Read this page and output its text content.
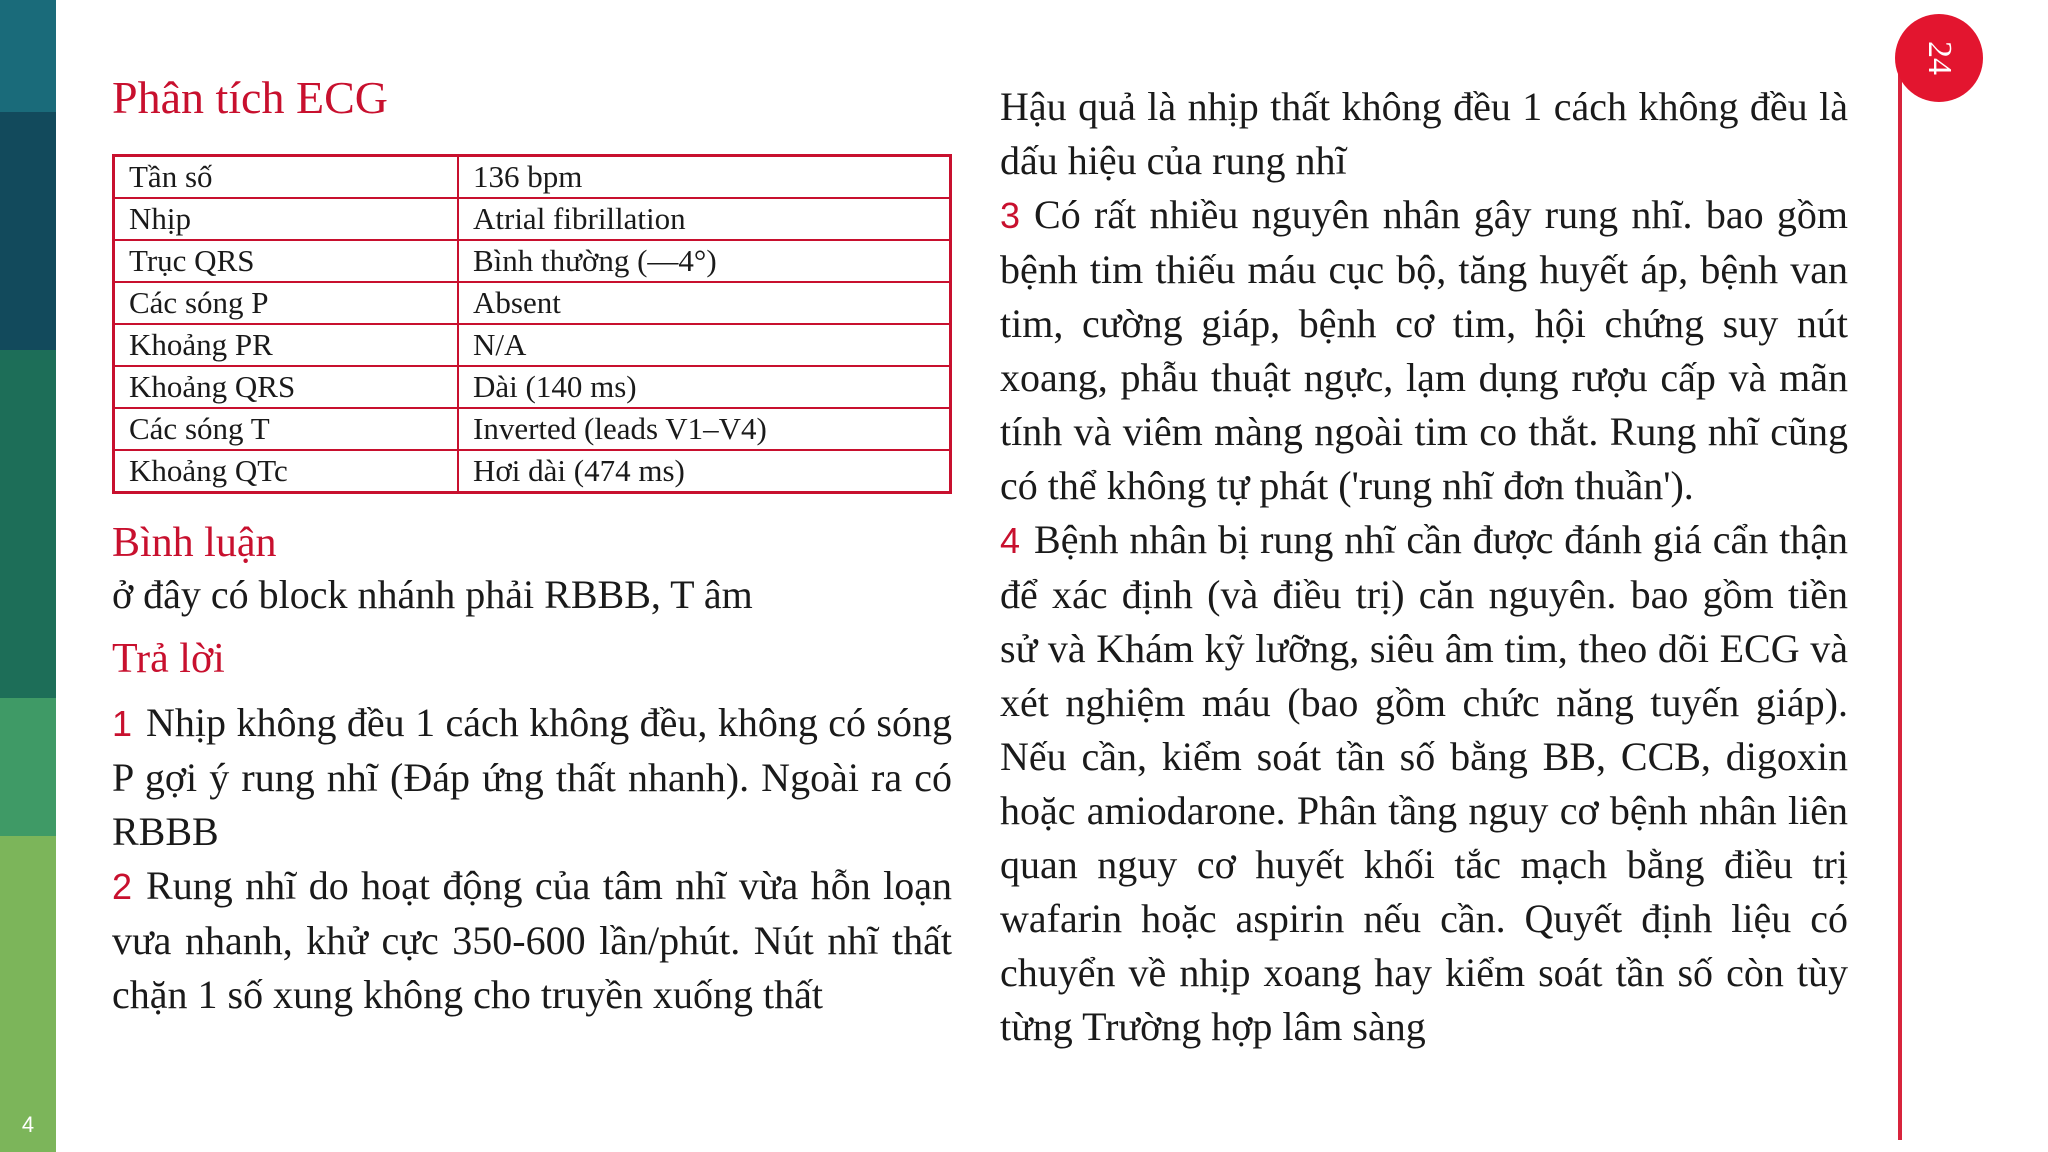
4
24
Phân tích ECG
Tần số	136 bpm
Nhịp	Atrial fibrillation
Trục QRS	Bình thường (—4°)
Các sóng P	Absent
Khoảng PR	N/A
Khoảng QRS	Dài (140 ms)
Các sóng T	Inverted (leads V1–V4)
Khoảng QTc	Hơi dài (474 ms)
Bình luận

ở đây có block nhánh phải RBBB, T âm

Trả lời

1 Nhịp không đều 1 cách không đều, không có sóng P gợi ý rung nhĩ (Đáp ứng thất nhanh). Ngoài ra có RBBB

2 Rung nhĩ do hoạt động của tâm nhĩ vừa hỗn loạn vưa nhanh, khử cực 350-600 lần/phút. Nút nhĩ thất chặn 1 số xung không cho truyền xuống thất

Hậu quả là nhịp thất không đều 1 cách không đều là dấu hiệu của rung nhĩ

3 Có rất nhiều nguyên nhân gây rung nhĩ. bao gồm bệnh tim thiếu máu cục bộ, tăng huyết áp, bệnh van tim, cường giáp, bệnh cơ tim, hội chứng suy nút xoang, phẫu thuật ngực, lạm dụng rượu cấp và mãn tính và viêm màng ngoài tim co thắt. Rung nhĩ cũng có thể không tự phát ('rung nhĩ đơn thuần').

4 Bệnh nhân bị rung nhĩ cần được đánh giá cẩn thận để xác định (và điều trị) căn nguyên. bao gồm tiền sử và Khám kỹ lưỡng, siêu âm tim, theo dõi ECG và xét nghiệm máu (bao gồm chức năng tuyến giáp). Nếu cần, kiểm soát tần số bằng BB, CCB, digoxin hoặc amiodarone. Phân tầng nguy cơ bệnh nhân liên quan nguy cơ huyết khối tắc mạch bằng điều trị wafarin hoặc aspirin nếu cần. Quyết định liệu có chuyển về nhịp xoang hay kiểm soát tần số còn tùy từng Trường hợp lâm sàng
